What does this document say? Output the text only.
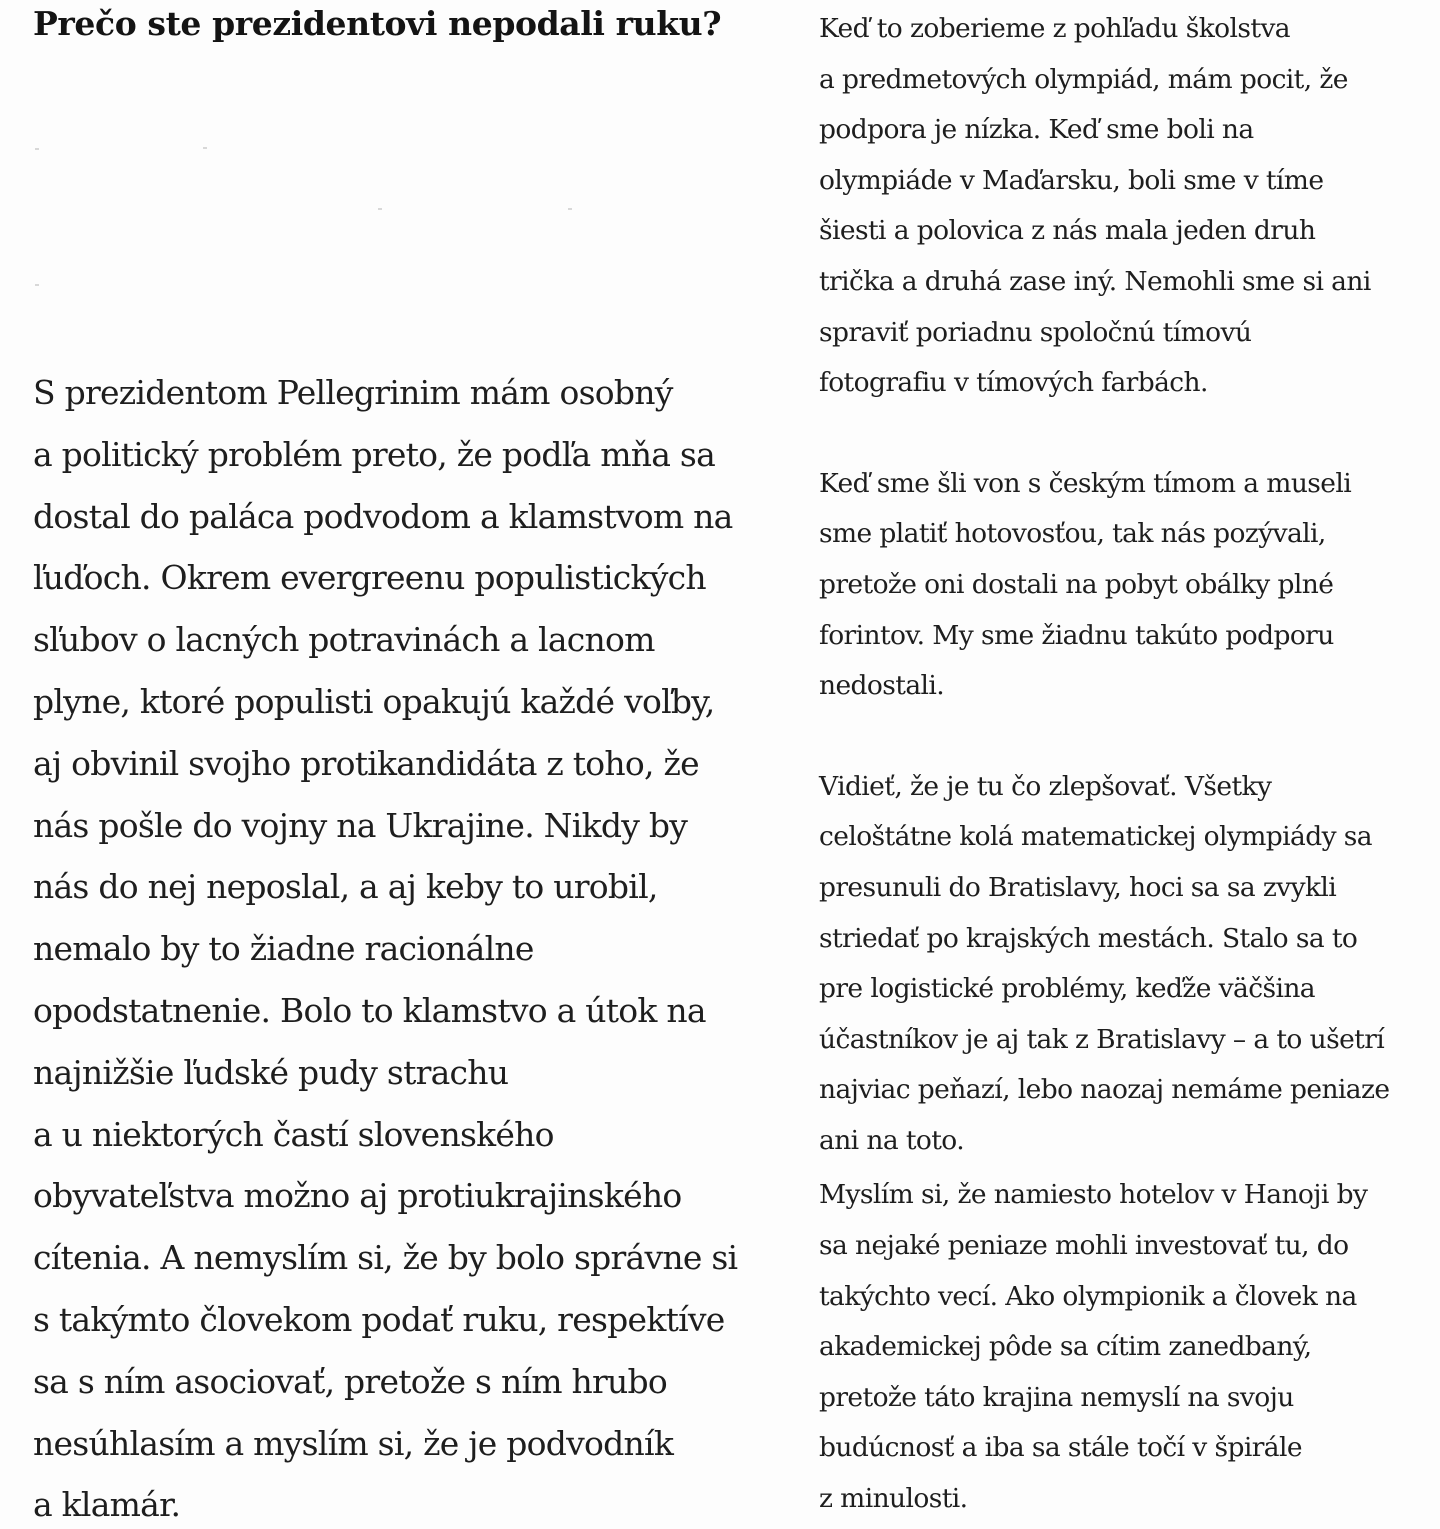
Prečo ste prezidentovi nepodali ruku?

S prezidentom Pellegrinim mám osobný
a politický problém preto, že podľa mňa sa
dostal do paláca podvodom a klamstvom na
ľuďoch. Okrem evergreenu populistických
sľubov o lacných potravinách a lacnom
plyne, ktoré populisti opakujú každé voľby,
aj obvinil svojho protikandidáta z toho, že
nás pošle do vojny na Ukrajine. Nikdy by
nás do nej neposlal, a aj keby to urobil,
nemalo by to žiadne racionálne
opodstatnenie. Bolo to klamstvo a útok na
najnižšie ľudské pudy strachu
a u niektorých častí slovenského
obyvateľstva možno aj protiukrajinského
cítenia. A nemyslím si, že by bolo správne si
s takýmto človekom podať ruku, respektíve
sa s ním asociovať, pretože s ním hrubo
nesúhlasím a myslím si, že je podvodník
a klamár.

Keď to zoberieme z pohľadu školstva
a predmetových olympiád, mám pocit, že
podpora je nízka. Keď sme boli na
olympiáde v Maďarsku, boli sme v tíme
šiesti a polovica z nás mala jeden druh
trička a druhá zase iný. Nemohli sme si ani
spraviť poriadnu spoločnú tímovú
fotografiu v tímových farbách.

Keď sme šli von s českým tímom a museli
sme platiť hotovosťou, tak nás pozývali,
pretože oni dostali na pobyt obálky plné
forintov. My sme žiadnu takúto podporu
nedostali.

Vidieť, že je tu čo zlepšovať. Všetky
celoštátne kolá matematickej olympiády sa
presunuli do Bratislavy, hoci sa sa zvykli
striedať po krajských mestách. Stalo sa to
pre logistické problémy, keďže väčšina
účastníkov je aj tak z Bratislavy – a to ušetrí
najviac peňazí, lebo naozaj nemáme peniaze
ani na toto.

Myslím si, že namiesto hotelov v Hanoji by
sa nejaké peniaze mohli investovať tu, do
takýchto vecí. Ako olympionik a človek na
akademickej pôde sa cítim zanedbaný,
pretože táto krajina nemyslí na svoju
budúcnosť a iba sa stále točí v špirále
z minulosti.
